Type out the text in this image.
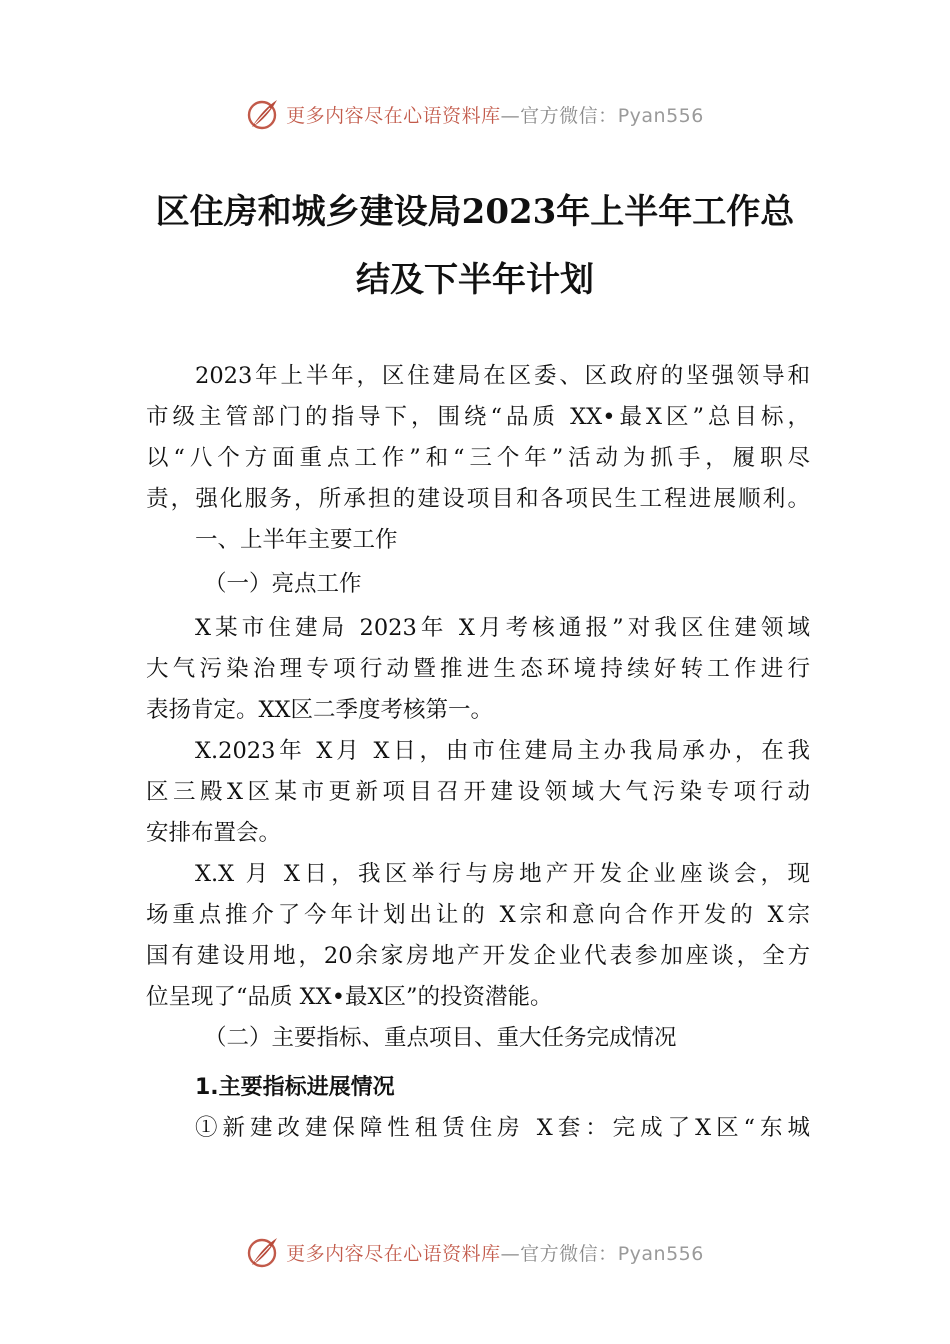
更多内容尽在心语资料库—官方微信：Pyan556
区住房和城乡建设局2023年上半年工作总
结及下半年计划
2023年上半年，区住建局在区委、区政府的坚强领导和
市级主管部门的指导下，围绕“品质 XX•最X区”总目标，
以“八个方面重点工作”和“三个年”活动为抓手，履职尽
责，强化服务，所承担的建设项目和各项民生工程进展顺利。
一、上半年主要工作
（一）亮点工作
X某市住建局 2023年 X月考核通报”对我区住建领域
大气污染治理专项行动暨推进生态环境持续好转工作进行
表扬肯定。XX区二季度考核第一。
X.2023年 X月 X日，由市住建局主办我局承办，在我
区三殿X区某市更新项目召开建设领域大气污染专项行动
安排布置会。
X.X 月 X日，我区举行与房地产开发企业座谈会，现
场重点推介了今年计划出让的 X宗和意向合作开发的 X宗
国有建设用地，20余家房地产开发企业代表参加座谈，全方
位呈现了“品质 XX•最X区”的投资潜能。
（二）主要指标、重点项目、重大任务完成情况
1.主要指标进展情况
①新建改建保障性租赁住房 X套：完成了X区“东城
更多内容尽在心语资料库—官方微信：Pyan556
